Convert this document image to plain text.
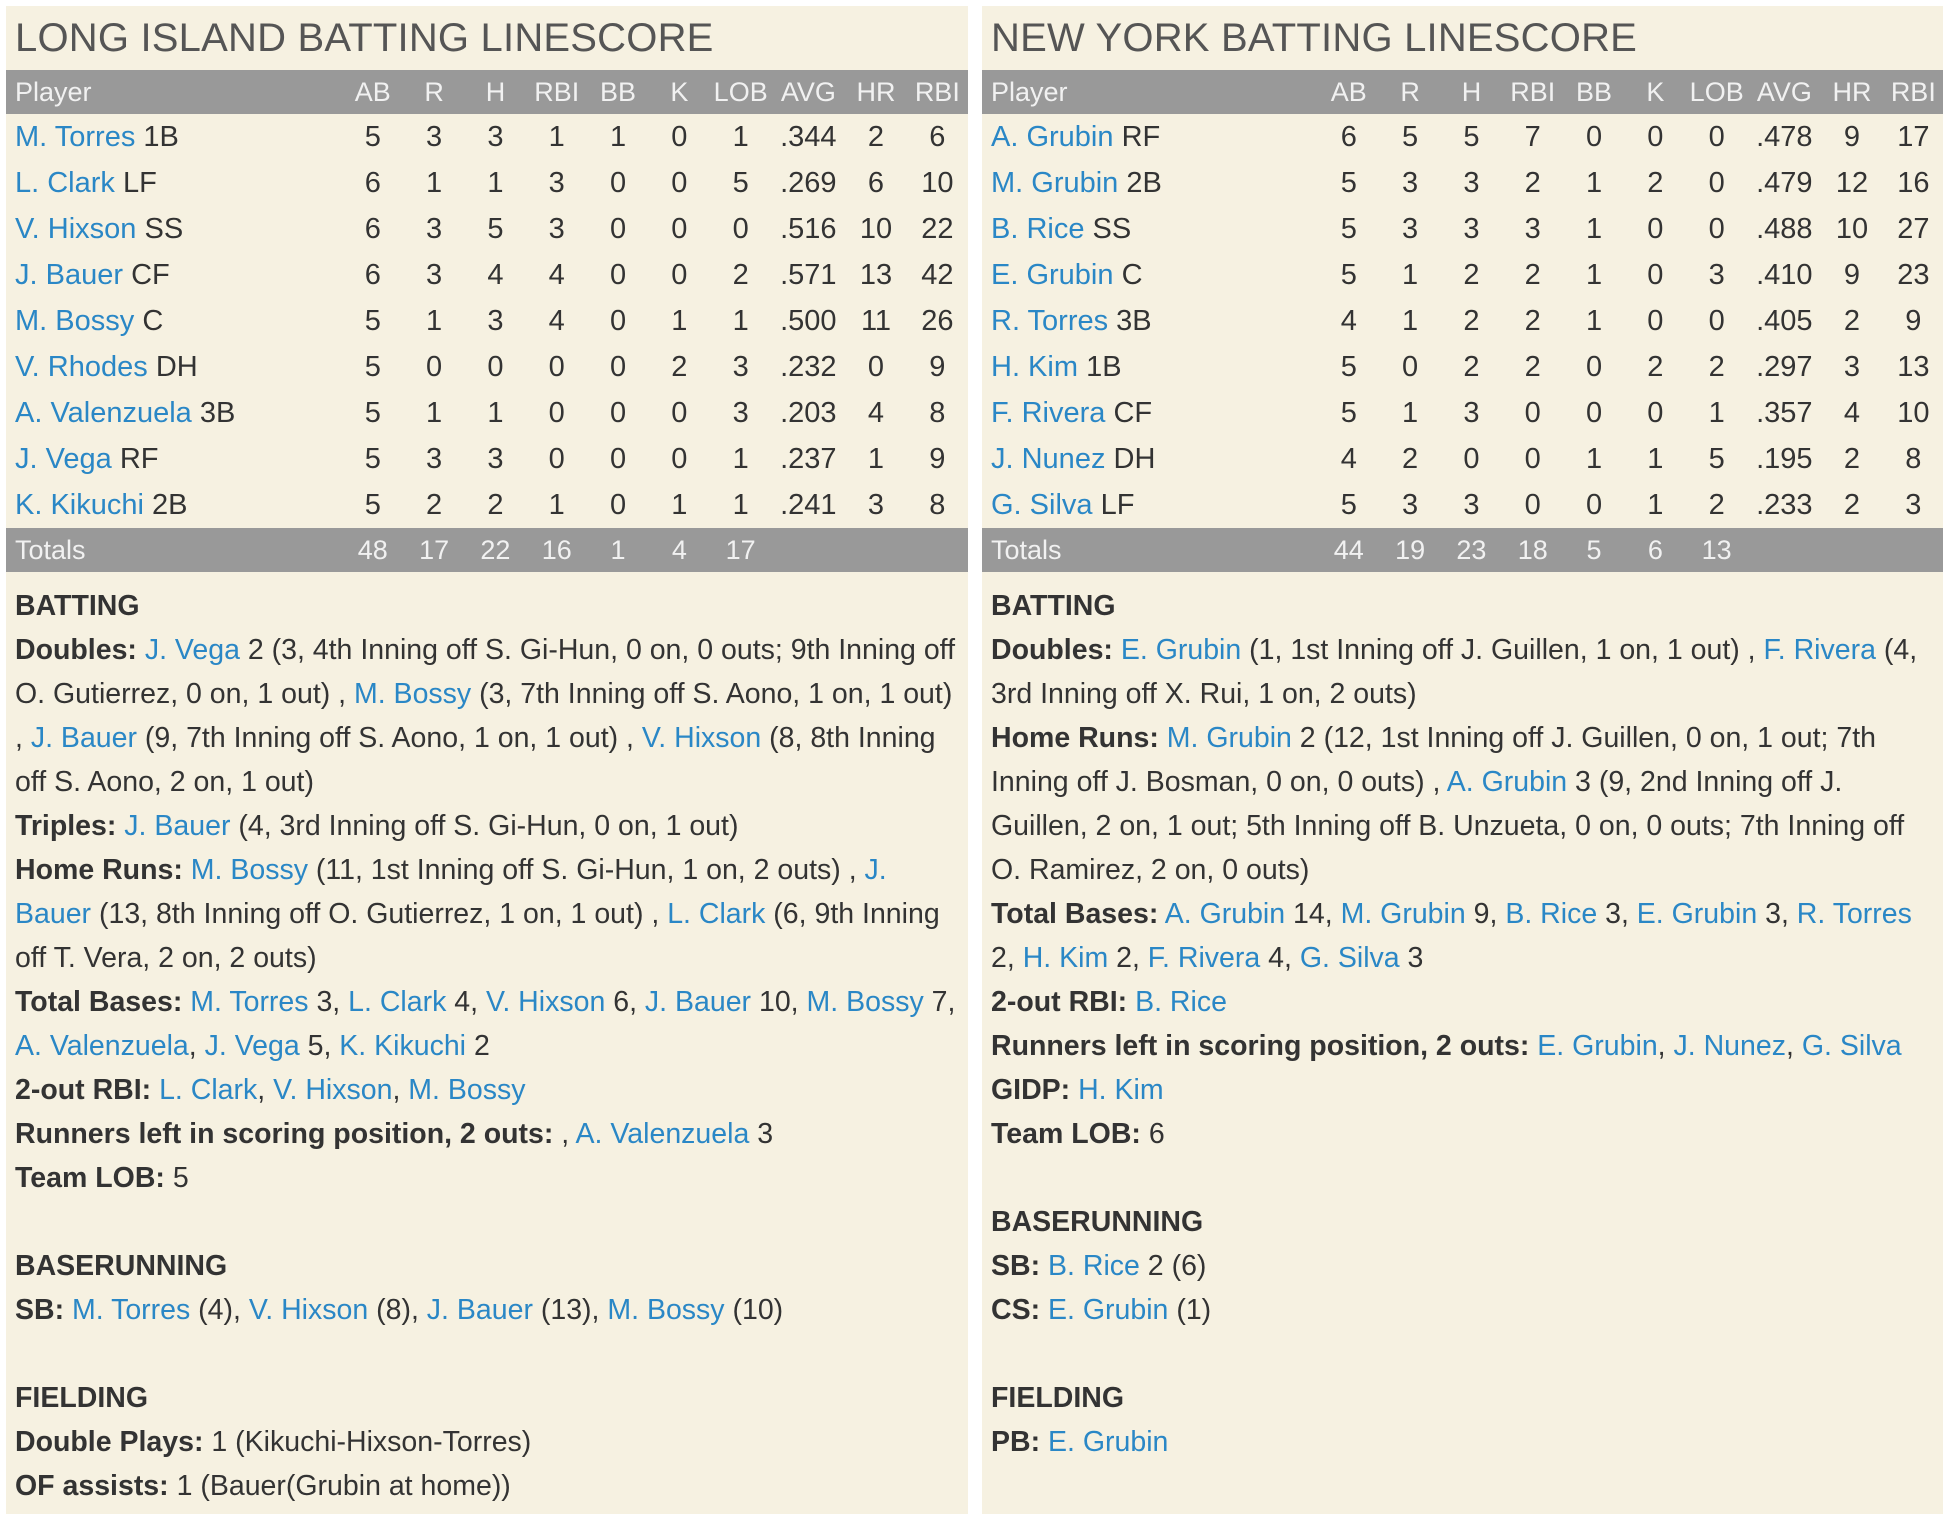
LONG ISLAND BATTING LINESCORE
Player	AB	R	H	RBI	BB	K	LOB	AVG	HR	RBI
M. Torres 1B	5	3	3	1	1	0	1	.344	2	6
L. Clark LF	6	1	1	3	0	0	5	.269	6	10
V. Hixson SS	6	3	5	3	0	0	0	.516	10	22
J. Bauer CF	6	3	4	4	0	0	2	.571	13	42
M. Bossy C	5	1	3	4	0	1	1	.500	11	26
V. Rhodes DH	5	0	0	0	0	2	3	.232	0	9
A. Valenzuela 3B	5	1	1	0	0	0	3	.203	4	8
J. Vega RF	5	3	3	0	0	0	1	.237	1	9
K. Kikuchi 2B	5	2	2	1	0	1	1	.241	3	8
Totals	48	17	22	16	1	4	17			
BATTING

Doubles: J. Vega 2 (3, 4th Inning off S. Gi-Hun, 0 on, 0 outs; 9th Inning off O. Gutierrez, 0 on, 1 out) , M. Bossy (3, 7th Inning off S. Aono, 1 on, 1 out) , J. Bauer (9, 7th Inning off S. Aono, 1 on, 1 out) , V. Hixson (8, 8th Inning off S. Aono, 2 on, 1 out)

Triples: J. Bauer (4, 3rd Inning off S. Gi-Hun, 0 on, 1 out)

Home Runs: M. Bossy (11, 1st Inning off S. Gi-Hun, 1 on, 2 outs) , J. Bauer (13, 8th Inning off O. Gutierrez, 1 on, 1 out) , L. Clark (6, 9th Inning off T. Vera, 2 on, 2 outs)

Total Bases: M. Torres 3, L. Clark 4, V. Hixson 6, J. Bauer 10, M. Bossy 7, A. Valenzuela, J. Vega 5, K. Kikuchi 2

2-out RBI: L. Clark, V. Hixson, M. Bossy

Runners left in scoring position, 2 outs: , A. Valenzuela 3

Team LOB: 5

BASERUNNING

SB: M. Torres (4), V. Hixson (8), J. Bauer (13), M. Bossy (10)

FIELDING

Double Plays: 1 (Kikuchi-Hixson-Torres)

OF assists: 1 (Bauer(Grubin at home))

NEW YORK BATTING LINESCORE
Player	AB	R	H	RBI	BB	K	LOB	AVG	HR	RBI
A. Grubin RF	6	5	5	7	0	0	0	.478	9	17
M. Grubin 2B	5	3	3	2	1	2	0	.479	12	16
B. Rice SS	5	3	3	3	1	0	0	.488	10	27
E. Grubin C	5	1	2	2	1	0	3	.410	9	23
R. Torres 3B	4	1	2	2	1	0	0	.405	2	9
H. Kim 1B	5	0	2	2	0	2	2	.297	3	13
F. Rivera CF	5	1	3	0	0	0	1	.357	4	10
J. Nunez DH	4	2	0	0	1	1	5	.195	2	8
G. Silva LF	5	3	3	0	0	1	2	.233	2	3
Totals	44	19	23	18	5	6	13			
BATTING

Doubles: E. Grubin (1, 1st Inning off J. Guillen, 1 on, 1 out) , F. Rivera (4, 3rd Inning off X. Rui, 1 on, 2 outs)

Home Runs: M. Grubin 2 (12, 1st Inning off J. Guillen, 0 on, 1 out; 7th Inning off J. Bosman, 0 on, 0 outs) , A. Grubin 3 (9, 2nd Inning off J. Guillen, 2 on, 1 out; 5th Inning off B. Unzueta, 0 on, 0 outs; 7th Inning off O. Ramirez, 2 on, 0 outs)

Total Bases: A. Grubin 14, M. Grubin 9, B. Rice 3, E. Grubin 3, R. Torres 2, H. Kim 2, F. Rivera 4, G. Silva 3

2-out RBI: B. Rice

Runners left in scoring position, 2 outs: E. Grubin, J. Nunez, G. Silva

GIDP: H. Kim

Team LOB: 6

BASERUNNING

SB: B. Rice 2 (6)

CS: E. Grubin (1)

FIELDING

PB: E. Grubin
